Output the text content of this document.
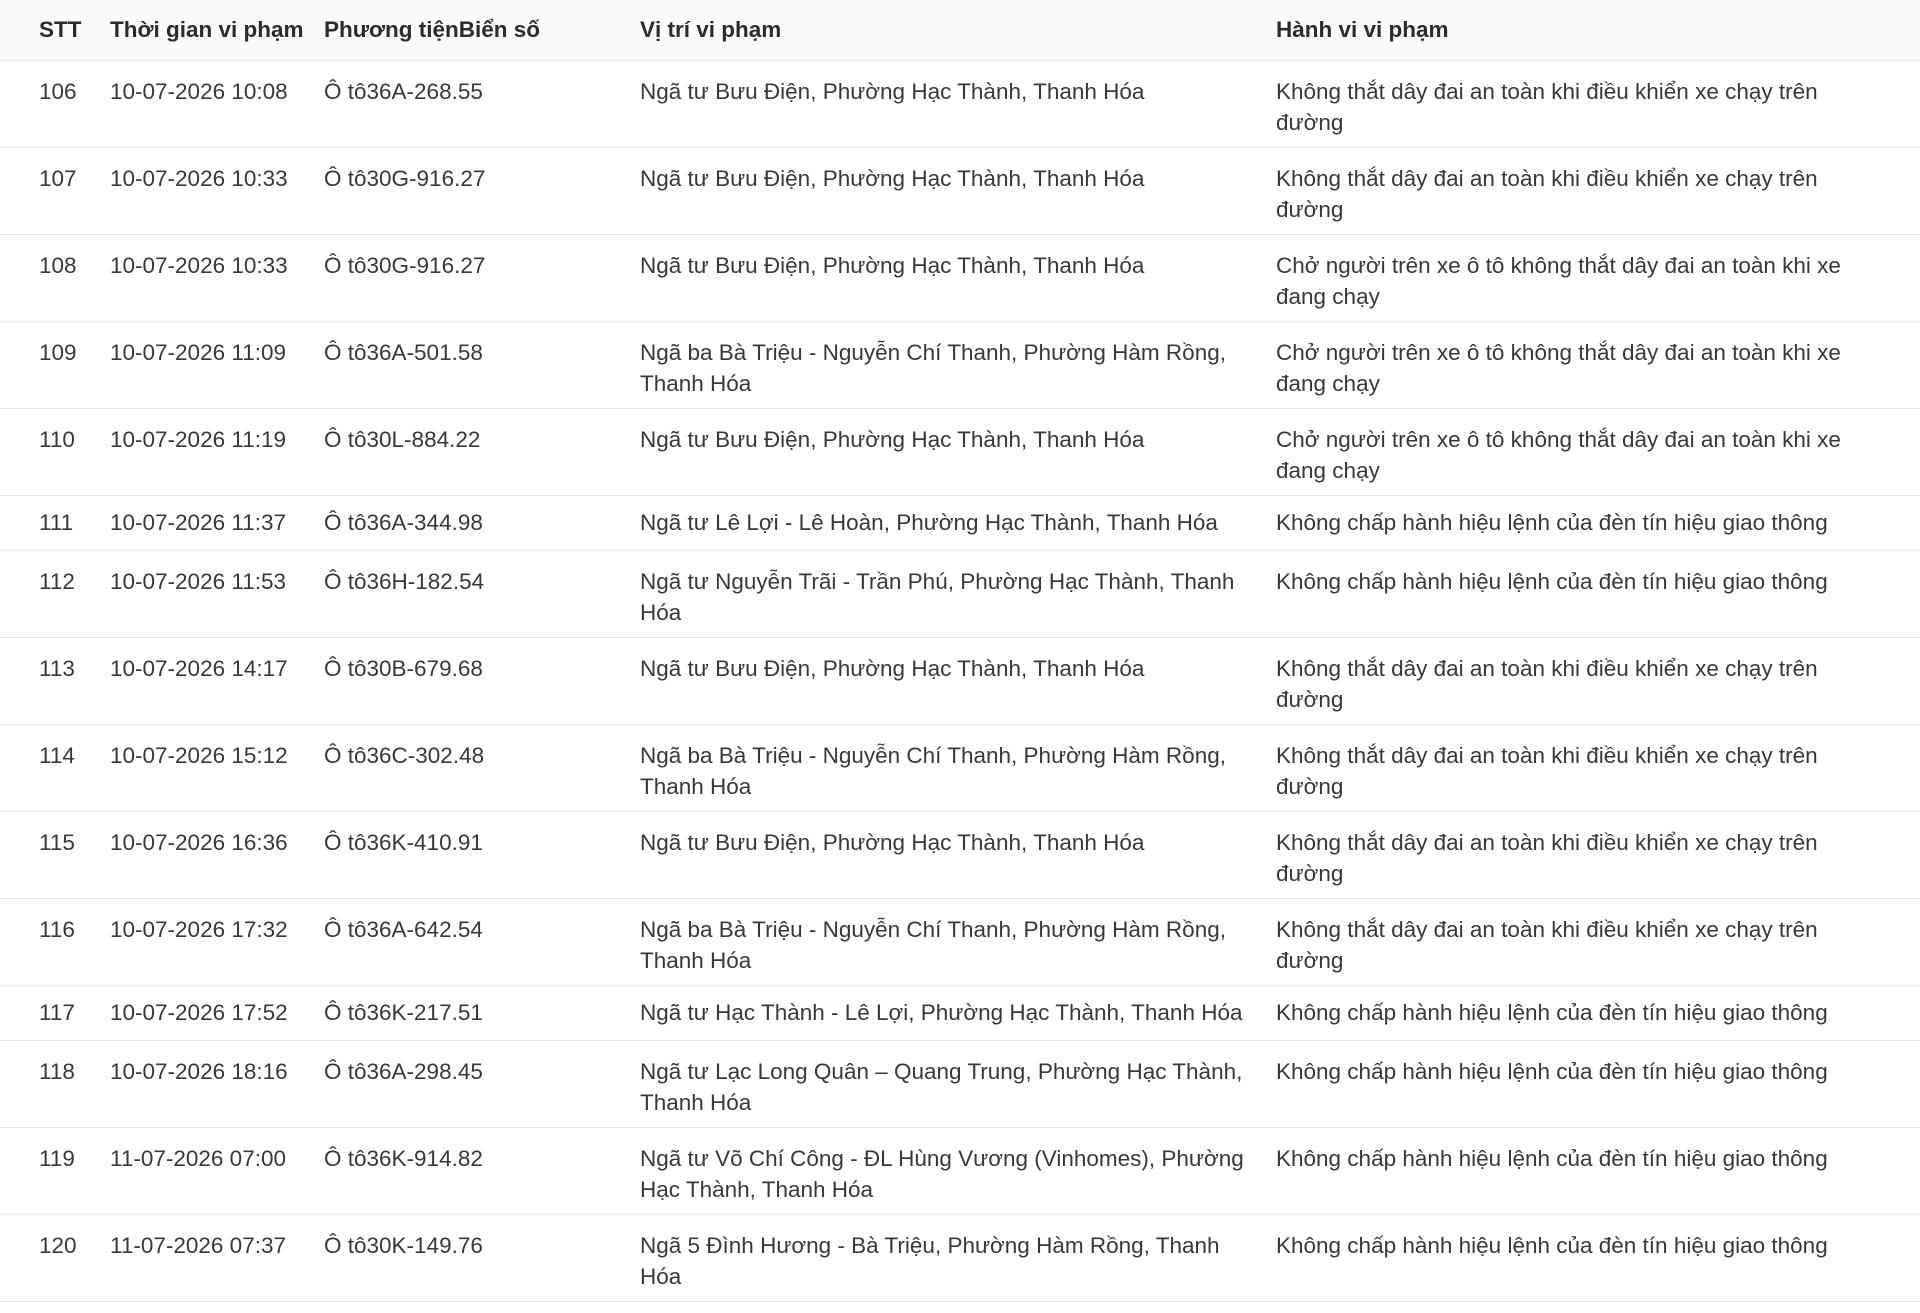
STT	Thời gian vi phạm	Phương tiệnBiển số	Vị trí vi phạm	Hành vi vi phạm

106	10-07-2026 10:08	Ô tô36A-268.55	Ngã tư Bưu Điện, Phường Hạc Thành, Thanh Hóa	Không thắt dây đai an toàn khi điều khiển xe chạy trên đường

107	10-07-2026 10:33	Ô tô30G-916.27	Ngã tư Bưu Điện, Phường Hạc Thành, Thanh Hóa	Không thắt dây đai an toàn khi điều khiển xe chạy trên đường

108	10-07-2026 10:33	Ô tô30G-916.27	Ngã tư Bưu Điện, Phường Hạc Thành, Thanh Hóa	Chở người trên xe ô tô không thắt dây đai an toàn khi xe đang chạy

109	10-07-2026 11:09	Ô tô36A-501.58	Ngã ba Bà Triệu - Nguyễn Chí Thanh, Phường Hàm Rồng, Thanh Hóa	Chở người trên xe ô tô không thắt dây đai an toàn khi xe đang chạy

110	10-07-2026 11:19	Ô tô30L-884.22	Ngã tư Bưu Điện, Phường Hạc Thành, Thanh Hóa	Chở người trên xe ô tô không thắt dây đai an toàn khi xe đang chạy

111	10-07-2026 11:37	Ô tô36A-344.98	Ngã tư Lê Lợi - Lê Hoàn, Phường Hạc Thành, Thanh Hóa	Không chấp hành hiệu lệnh của đèn tín hiệu giao thông

112	10-07-2026 11:53	Ô tô36H-182.54	Ngã tư Nguyễn Trãi - Trần Phú, Phường Hạc Thành, Thanh Hóa	Không chấp hành hiệu lệnh của đèn tín hiệu giao thông

113	10-07-2026 14:17	Ô tô30B-679.68	Ngã tư Bưu Điện, Phường Hạc Thành, Thanh Hóa	Không thắt dây đai an toàn khi điều khiển xe chạy trên đường

114	10-07-2026 15:12	Ô tô36C-302.48	Ngã ba Bà Triệu - Nguyễn Chí Thanh, Phường Hàm Rồng, Thanh Hóa	Không thắt dây đai an toàn khi điều khiển xe chạy trên đường

115	10-07-2026 16:36	Ô tô36K-410.91	Ngã tư Bưu Điện, Phường Hạc Thành, Thanh Hóa	Không thắt dây đai an toàn khi điều khiển xe chạy trên đường

116	10-07-2026 17:32	Ô tô36A-642.54	Ngã ba Bà Triệu - Nguyễn Chí Thanh, Phường Hàm Rồng, Thanh Hóa	Không thắt dây đai an toàn khi điều khiển xe chạy trên đường

117	10-07-2026 17:52	Ô tô36K-217.51	Ngã tư Hạc Thành - Lê Lợi, Phường Hạc Thành, Thanh Hóa	Không chấp hành hiệu lệnh của đèn tín hiệu giao thông

118	10-07-2026 18:16	Ô tô36A-298.45	Ngã tư Lạc Long Quân – Quang Trung, Phường Hạc Thành, Thanh Hóa	Không chấp hành hiệu lệnh của đèn tín hiệu giao thông

119	11-07-2026 07:00	Ô tô36K-914.82	Ngã tư Võ Chí Công - ĐL Hùng Vương (Vinhomes), Phường Hạc Thành, Thanh Hóa	Không chấp hành hiệu lệnh của đèn tín hiệu giao thông

120	11-07-2026 07:37	Ô tô30K-149.76	Ngã 5 Đình Hương - Bà Triệu, Phường Hàm Rồng, Thanh Hóa	Không chấp hành hiệu lệnh của đèn tín hiệu giao thông
